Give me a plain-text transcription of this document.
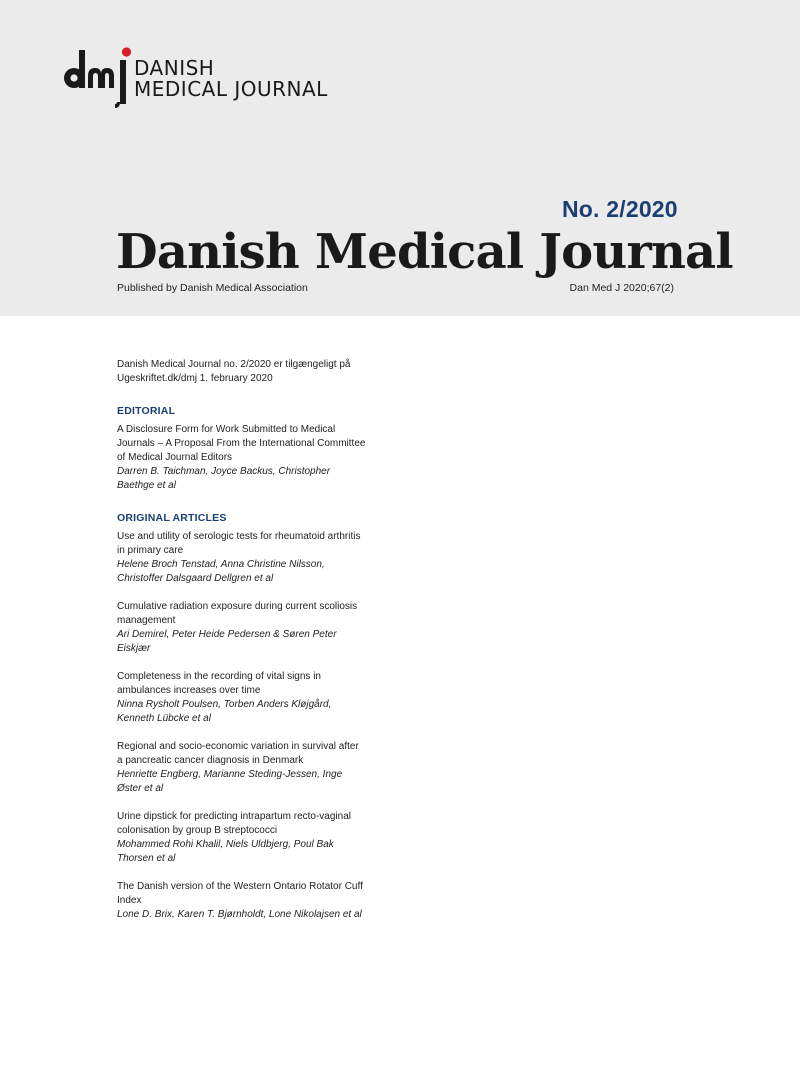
DANISH
MEDICAL JOURNAL
No. 2/2020
Danish Medical Journal
Published by Danish Medical Association	Dan Med J 2020;67(2)
Danish Medical Journal no. 2/2020 er tilgængeligt på
Ugeskriftet.dk/dmj 1. february 2020
EDITORIAL
A Disclosure Form for Work Submitted to Medical Journals – A Proposal From the International Committee of Medical Journal Editors
Darren B. Taichman, Joyce Backus, Christopher Baethge et al
ORIGINAL ARTICLES
Use and utility of serologic tests for rheumatoid arthritis in primary care
Helene Broch Tenstad, Anna Christine Nilsson, Christoffer Dalsgaard Dellgren et al
Cumulative radiation exposure during current scoliosis management
Ari Demirel, Peter Heide Pedersen & Søren Peter Eiskjær
Completeness in the recording of vital signs in ambulances increases over time
Ninna Rysholt Poulsen, Torben Anders Kløjgård, Kenneth Lübcke et al
Regional and socio-economic variation in survival after a pancreatic cancer diagnosis in Denmark
Henriette Engberg, Marianne Steding-Jessen, Inge Øster et al
Urine dipstick for predicting intrapartum recto-vaginal colonisation by group B streptococci
Mohammed Rohi Khalil, Niels Uldbjerg, Poul Bak Thorsen et al
The Danish version of the Western Ontario Rotator Cuff Index
Lone D. Brix, Karen T. Bjørnholdt, Lone Nikolajsen et al
